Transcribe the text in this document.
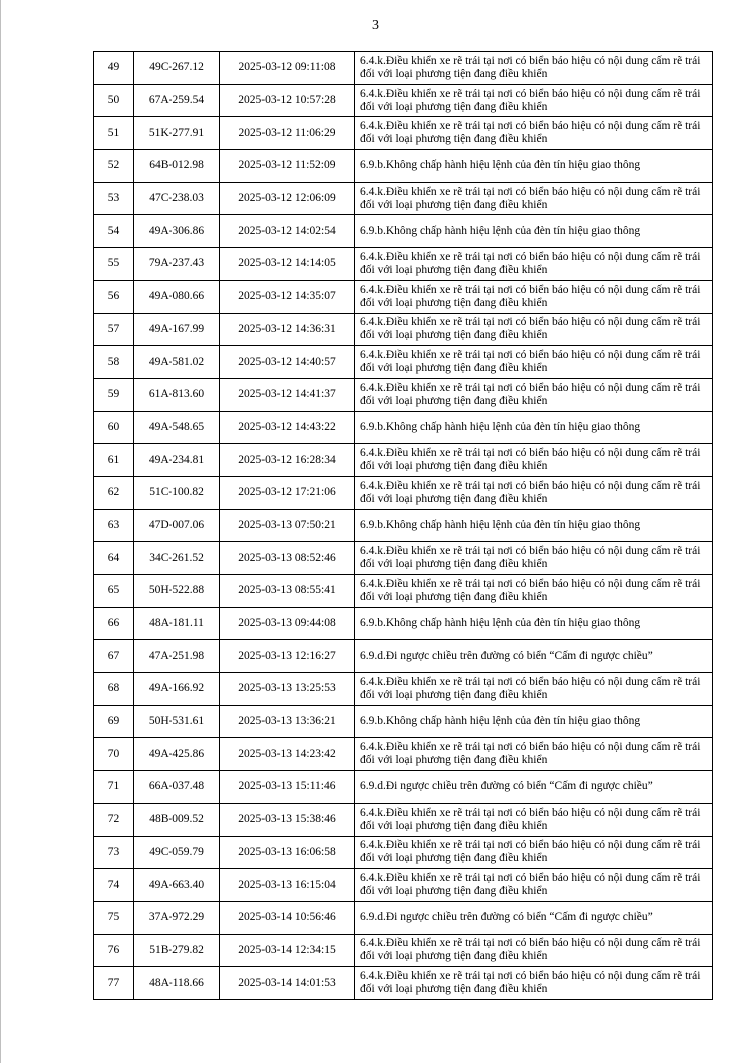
3
49	49C-267.12	2025-03-12 09:11:08	6.4.k.Điều khiển xe rẽ trái tại nơi có biển báo hiệu có nội dung cấm rẽ trái đối với loại phương tiện đang điều khiển
50	67A-259.54	2025-03-12 10:57:28	6.4.k.Điều khiển xe rẽ trái tại nơi có biển báo hiệu có nội dung cấm rẽ trái đối với loại phương tiện đang điều khiển
51	51K-277.91	2025-03-12 11:06:29	6.4.k.Điều khiển xe rẽ trái tại nơi có biển báo hiệu có nội dung cấm rẽ trái đối với loại phương tiện đang điều khiển
52	64B-012.98	2025-03-12 11:52:09	6.9.b.Không chấp hành hiệu lệnh của đèn tín hiệu giao thông
53	47C-238.03	2025-03-12 12:06:09	6.4.k.Điều khiển xe rẽ trái tại nơi có biển báo hiệu có nội dung cấm rẽ trái đối với loại phương tiện đang điều khiển
54	49A-306.86	2025-03-12 14:02:54	6.9.b.Không chấp hành hiệu lệnh của đèn tín hiệu giao thông
55	79A-237.43	2025-03-12 14:14:05	6.4.k.Điều khiển xe rẽ trái tại nơi có biển báo hiệu có nội dung cấm rẽ trái đối với loại phương tiện đang điều khiển
56	49A-080.66	2025-03-12 14:35:07	6.4.k.Điều khiển xe rẽ trái tại nơi có biển báo hiệu có nội dung cấm rẽ trái đối với loại phương tiện đang điều khiển
57	49A-167.99	2025-03-12 14:36:31	6.4.k.Điều khiển xe rẽ trái tại nơi có biển báo hiệu có nội dung cấm rẽ trái đối với loại phương tiện đang điều khiển
58	49A-581.02	2025-03-12 14:40:57	6.4.k.Điều khiển xe rẽ trái tại nơi có biển báo hiệu có nội dung cấm rẽ trái đối với loại phương tiện đang điều khiển
59	61A-813.60	2025-03-12 14:41:37	6.4.k.Điều khiển xe rẽ trái tại nơi có biển báo hiệu có nội dung cấm rẽ trái đối với loại phương tiện đang điều khiển
60	49A-548.65	2025-03-12 14:43:22	6.9.b.Không chấp hành hiệu lệnh của đèn tín hiệu giao thông
61	49A-234.81	2025-03-12 16:28:34	6.4.k.Điều khiển xe rẽ trái tại nơi có biển báo hiệu có nội dung cấm rẽ trái đối với loại phương tiện đang điều khiển
62	51C-100.82	2025-03-12 17:21:06	6.4.k.Điều khiển xe rẽ trái tại nơi có biển báo hiệu có nội dung cấm rẽ trái đối với loại phương tiện đang điều khiển
63	47D-007.06	2025-03-13 07:50:21	6.9.b.Không chấp hành hiệu lệnh của đèn tín hiệu giao thông
64	34C-261.52	2025-03-13 08:52:46	6.4.k.Điều khiển xe rẽ trái tại nơi có biển báo hiệu có nội dung cấm rẽ trái đối với loại phương tiện đang điều khiển
65	50H-522.88	2025-03-13 08:55:41	6.4.k.Điều khiển xe rẽ trái tại nơi có biển báo hiệu có nội dung cấm rẽ trái đối với loại phương tiện đang điều khiển
66	48A-181.11	2025-03-13 09:44:08	6.9.b.Không chấp hành hiệu lệnh của đèn tín hiệu giao thông
67	47A-251.98	2025-03-13 12:16:27	6.9.d.Đi ngược chiều trên đường có biển “Cấm đi ngược chiều”
68	49A-166.92	2025-03-13 13:25:53	6.4.k.Điều khiển xe rẽ trái tại nơi có biển báo hiệu có nội dung cấm rẽ trái đối với loại phương tiện đang điều khiển
69	50H-531.61	2025-03-13 13:36:21	6.9.b.Không chấp hành hiệu lệnh của đèn tín hiệu giao thông
70	49A-425.86	2025-03-13 14:23:42	6.4.k.Điều khiển xe rẽ trái tại nơi có biển báo hiệu có nội dung cấm rẽ trái đối với loại phương tiện đang điều khiển
71	66A-037.48	2025-03-13 15:11:46	6.9.d.Đi ngược chiều trên đường có biển “Cấm đi ngược chiều”
72	48B-009.52	2025-03-13 15:38:46	6.4.k.Điều khiển xe rẽ trái tại nơi có biển báo hiệu có nội dung cấm rẽ trái đối với loại phương tiện đang điều khiển
73	49C-059.79	2025-03-13 16:06:58	6.4.k.Điều khiển xe rẽ trái tại nơi có biển báo hiệu có nội dung cấm rẽ trái đối với loại phương tiện đang điều khiển
74	49A-663.40	2025-03-13 16:15:04	6.4.k.Điều khiển xe rẽ trái tại nơi có biển báo hiệu có nội dung cấm rẽ trái đối với loại phương tiện đang điều khiển
75	37A-972.29	2025-03-14 10:56:46	6.9.d.Đi ngược chiều trên đường có biển “Cấm đi ngược chiều”
76	51B-279.82	2025-03-14 12:34:15	6.4.k.Điều khiển xe rẽ trái tại nơi có biển báo hiệu có nội dung cấm rẽ trái đối với loại phương tiện đang điều khiển
77	48A-118.66	2025-03-14 14:01:53	6.4.k.Điều khiển xe rẽ trái tại nơi có biển báo hiệu có nội dung cấm rẽ trái đối với loại phương tiện đang điều khiển
